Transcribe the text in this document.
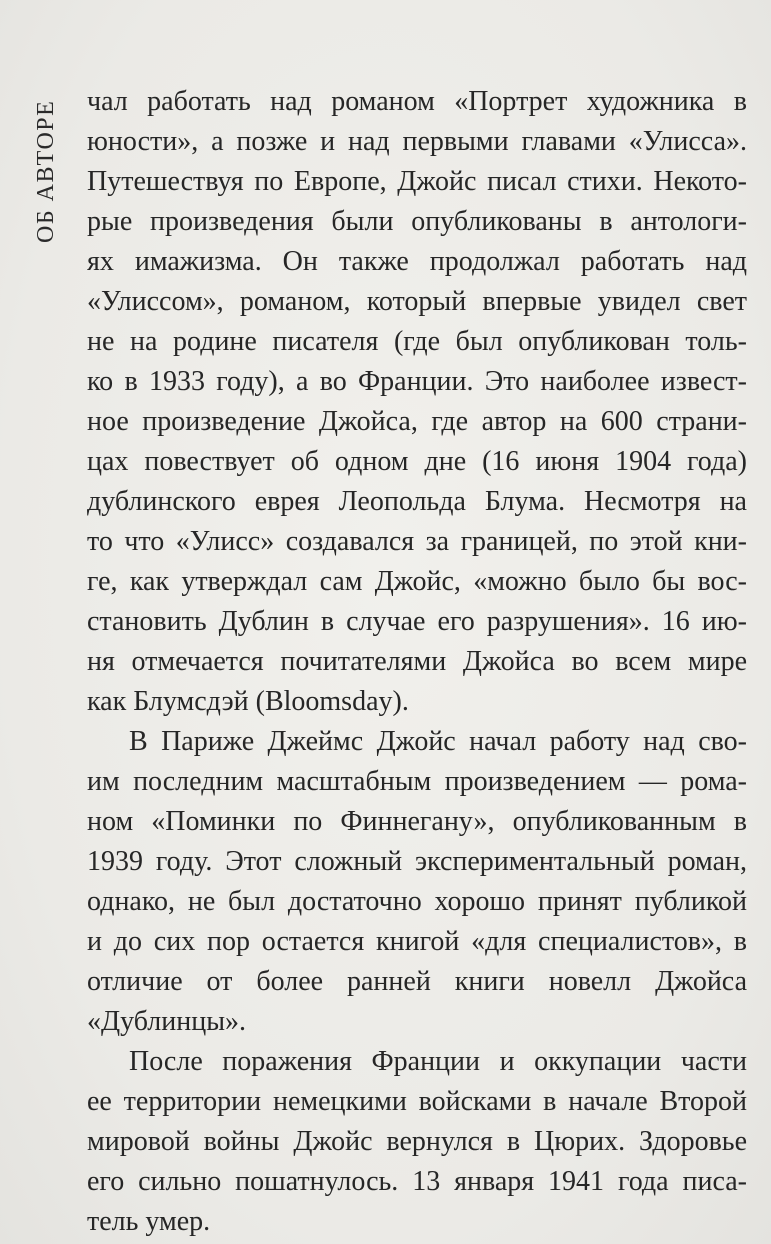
ОБ АВТОРЕ чал работать над романом «Портрет художника в
юности», а позже и над первыми главами «Улисса».
Путешествуя по Европе, Джойс писал стихи. Некото-
рые произведения были опубликованы в антологи-
ях имажизма. Он также продолжал работать над
«Улиссом», романом, который впервые увидел свет
не на родине писателя (где был опубликован толь-
ко в 1933 году), а во Франции. Это наиболее извест-
ное произведение Джойса, где автор на 600 страни-
цах повествует об одном дне (16 июня 1904 года)
дублинского еврея Леопольда Блума. Несмотря на
то что «Улисс» создавался за границей, по этой кни-
ге, как утверждал сам Джойс, «можно было бы вос-
становить Дублин в случае его разрушения». 16 ию-
ня отмечается почитателями Джойса во всем мире
как Блумсдэй (Bloomsday).
В Париже Джеймс Джойс начал работу над сво-
им последним масштабным произведением — рома-
ном «Поминки по Финнегану», опубликованным в
1939 году. Этот сложный экспериментальный роман,
однако, не был достаточно хорошо принят публикой
и до сих пор остается книгой «для специалистов», в
отличие от более ранней книги новелл Джойса
«Дублинцы».
После поражения Франции и оккупации части
ее территории немецкими войсками в начале Второй
мировой войны Джойс вернулся в Цюрих. Здоровье
его сильно пошатнулось. 13 января 1941 года писа-
тель умер.
